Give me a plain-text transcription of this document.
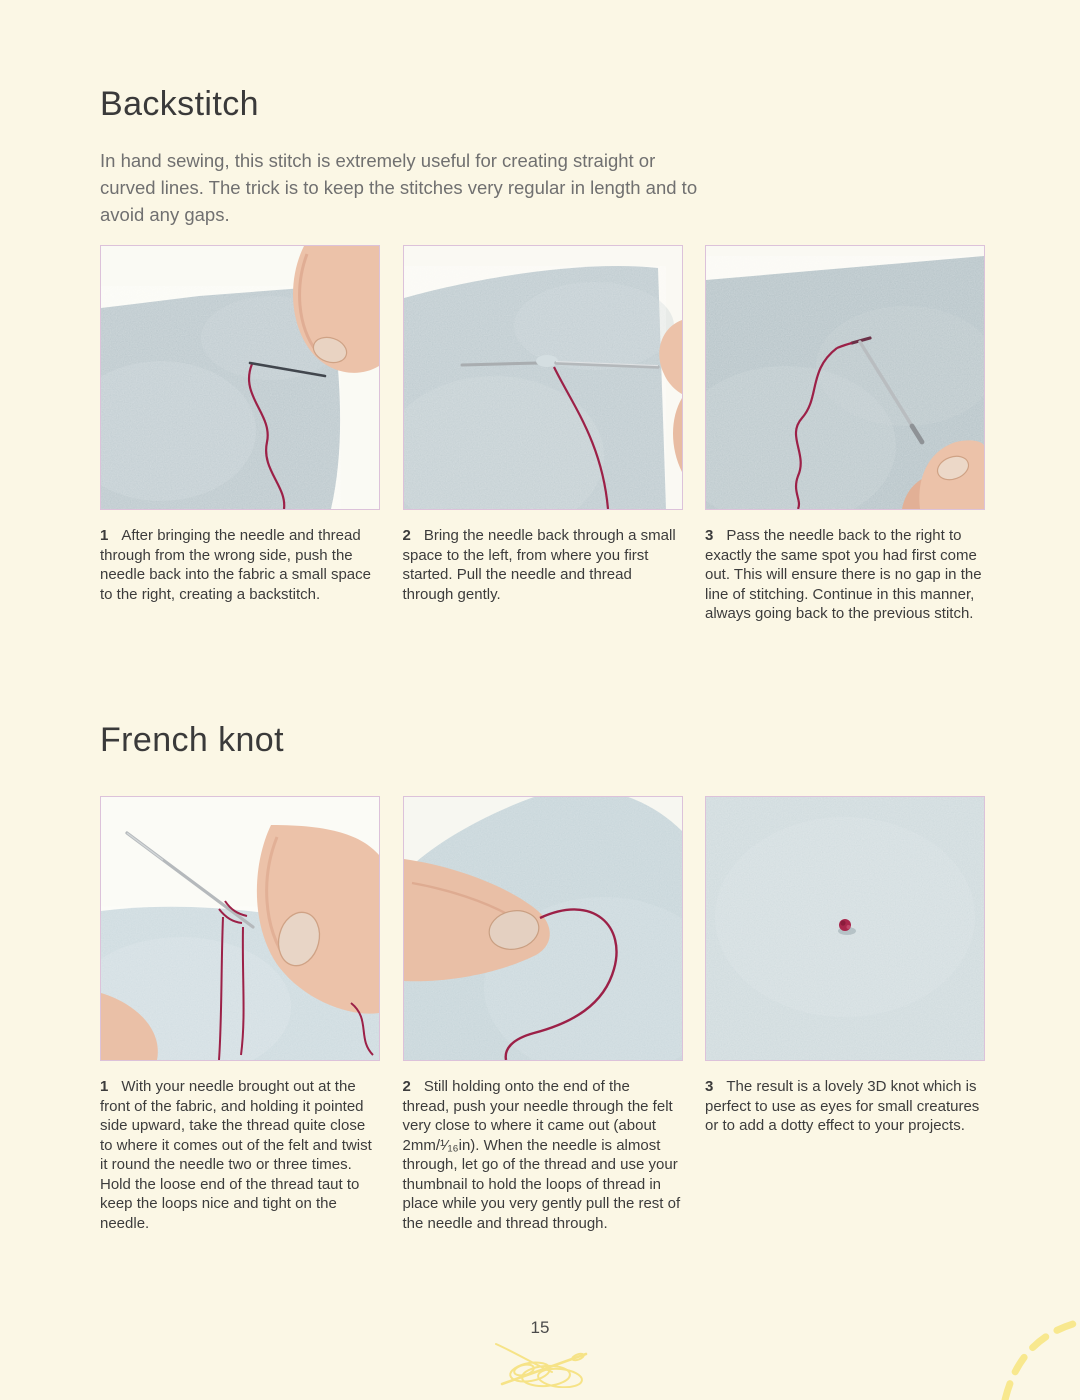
Backstitch

In hand sewing, this stitch is extremely useful for creating straight or curved lines. The trick is to keep the stitches very regular in length and to avoid any gaps.

1 After bringing the needle and thread through from the wrong side, push the needle back into the fabric a small space to the right, creating a backstitch.

2 Bring the needle back through a small space to the left, from where you first started. Pull the needle and thread through gently.

3 Pass the needle back to the right to exactly the same spot you had first come out. This will ensure there is no gap in the line of stitching. Continue in this manner, always going back to the previous stitch.

French knot

1 With your needle brought out at the front of the fabric, and holding it pointed side upward, take the thread quite close to where it comes out of the felt and twist it round the needle two or three times. Hold the loose end of the thread taut to keep the loops nice and tight on the needle.

2 Still holding onto the end of the thread, push your needle through the felt very close to where it came out (about 2mm/¹⁄₁₆in). When the needle is almost through, let go of the thread and use your thumbnail to hold the loops of thread in place while you very gently pull the rest of the needle and thread through.

3 The result is a lovely 3D knot which is perfect to use as eyes for small creatures or to add a dotty effect to your projects.

15
